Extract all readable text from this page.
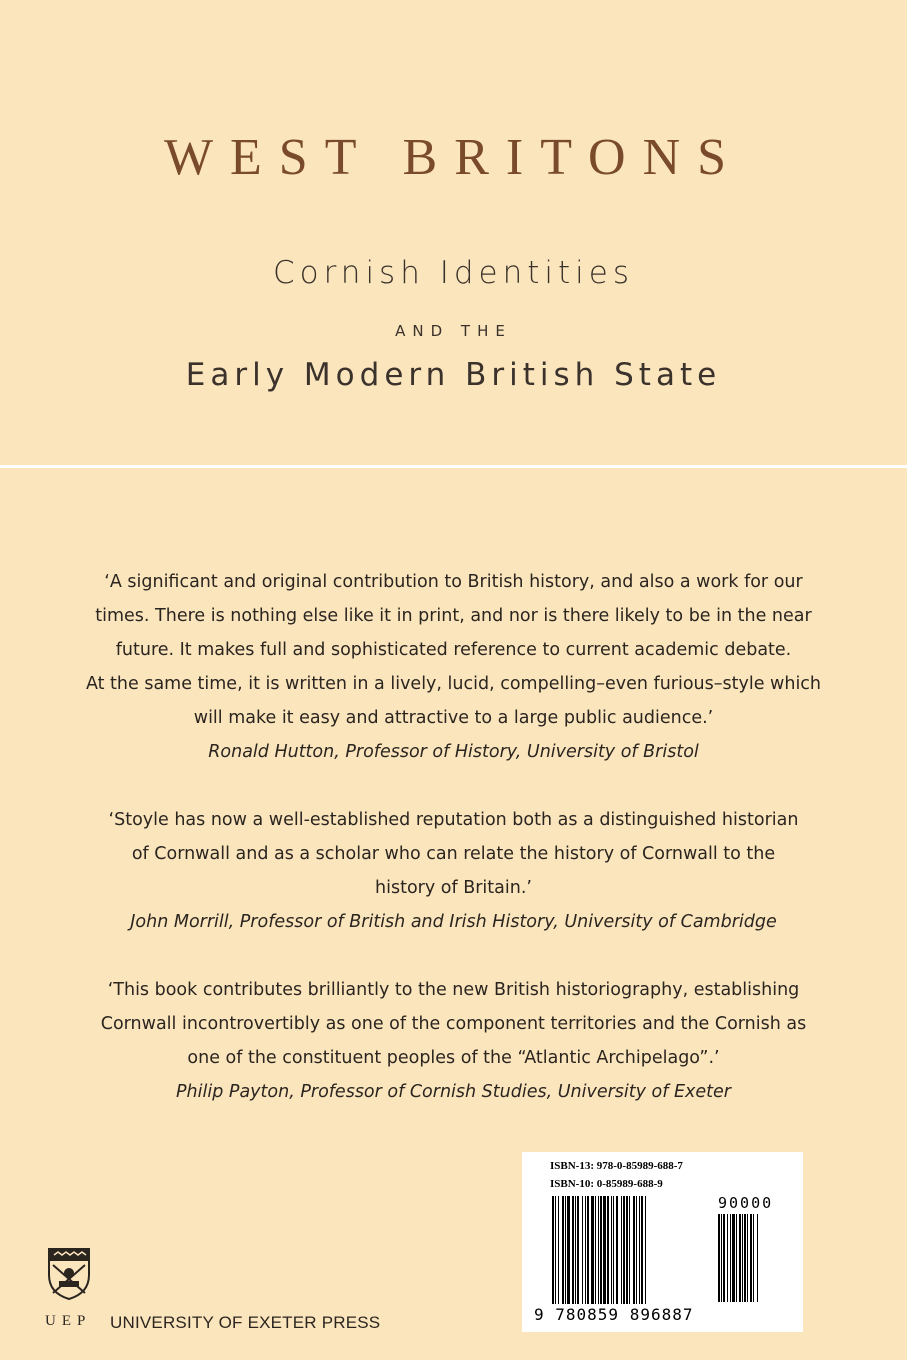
WEST BRITONS
Cornish Identities
AND THE
Early Modern British State

‘A significant and original contribution to British history, and also a work for our

times. There is nothing else like it in print, and nor is there likely to be in the near

future. It makes full and sophisticated reference to current academic debate.

At the same time, it is written in a lively, lucid, compelling–even furious–style which

will make it easy and attractive to a large public audience.’

Ronald Hutton, Professor of History, University of Bristol

‘Stoyle has now a well-established reputation both as a distinguished historian

of Cornwall and as a scholar who can relate the history of Cornwall to the

history of Britain.’

John Morrill, Professor of British and Irish History, University of Cambridge

‘This book contributes brilliantly to the new British historiography, establishing

Cornwall incontrovertibly as one of the component territories and the Cornish as

one of the constituent peoples of the “Atlantic Archipelago”.’

Philip Payton, Professor of Cornish Studies, University of Exeter

UEP UNIVERSITY OF EXETER PRESS
ISBN-13: 978-0-85989-688-7
ISBN-10: 0-85989-688-9
90000
9 780859 896887
